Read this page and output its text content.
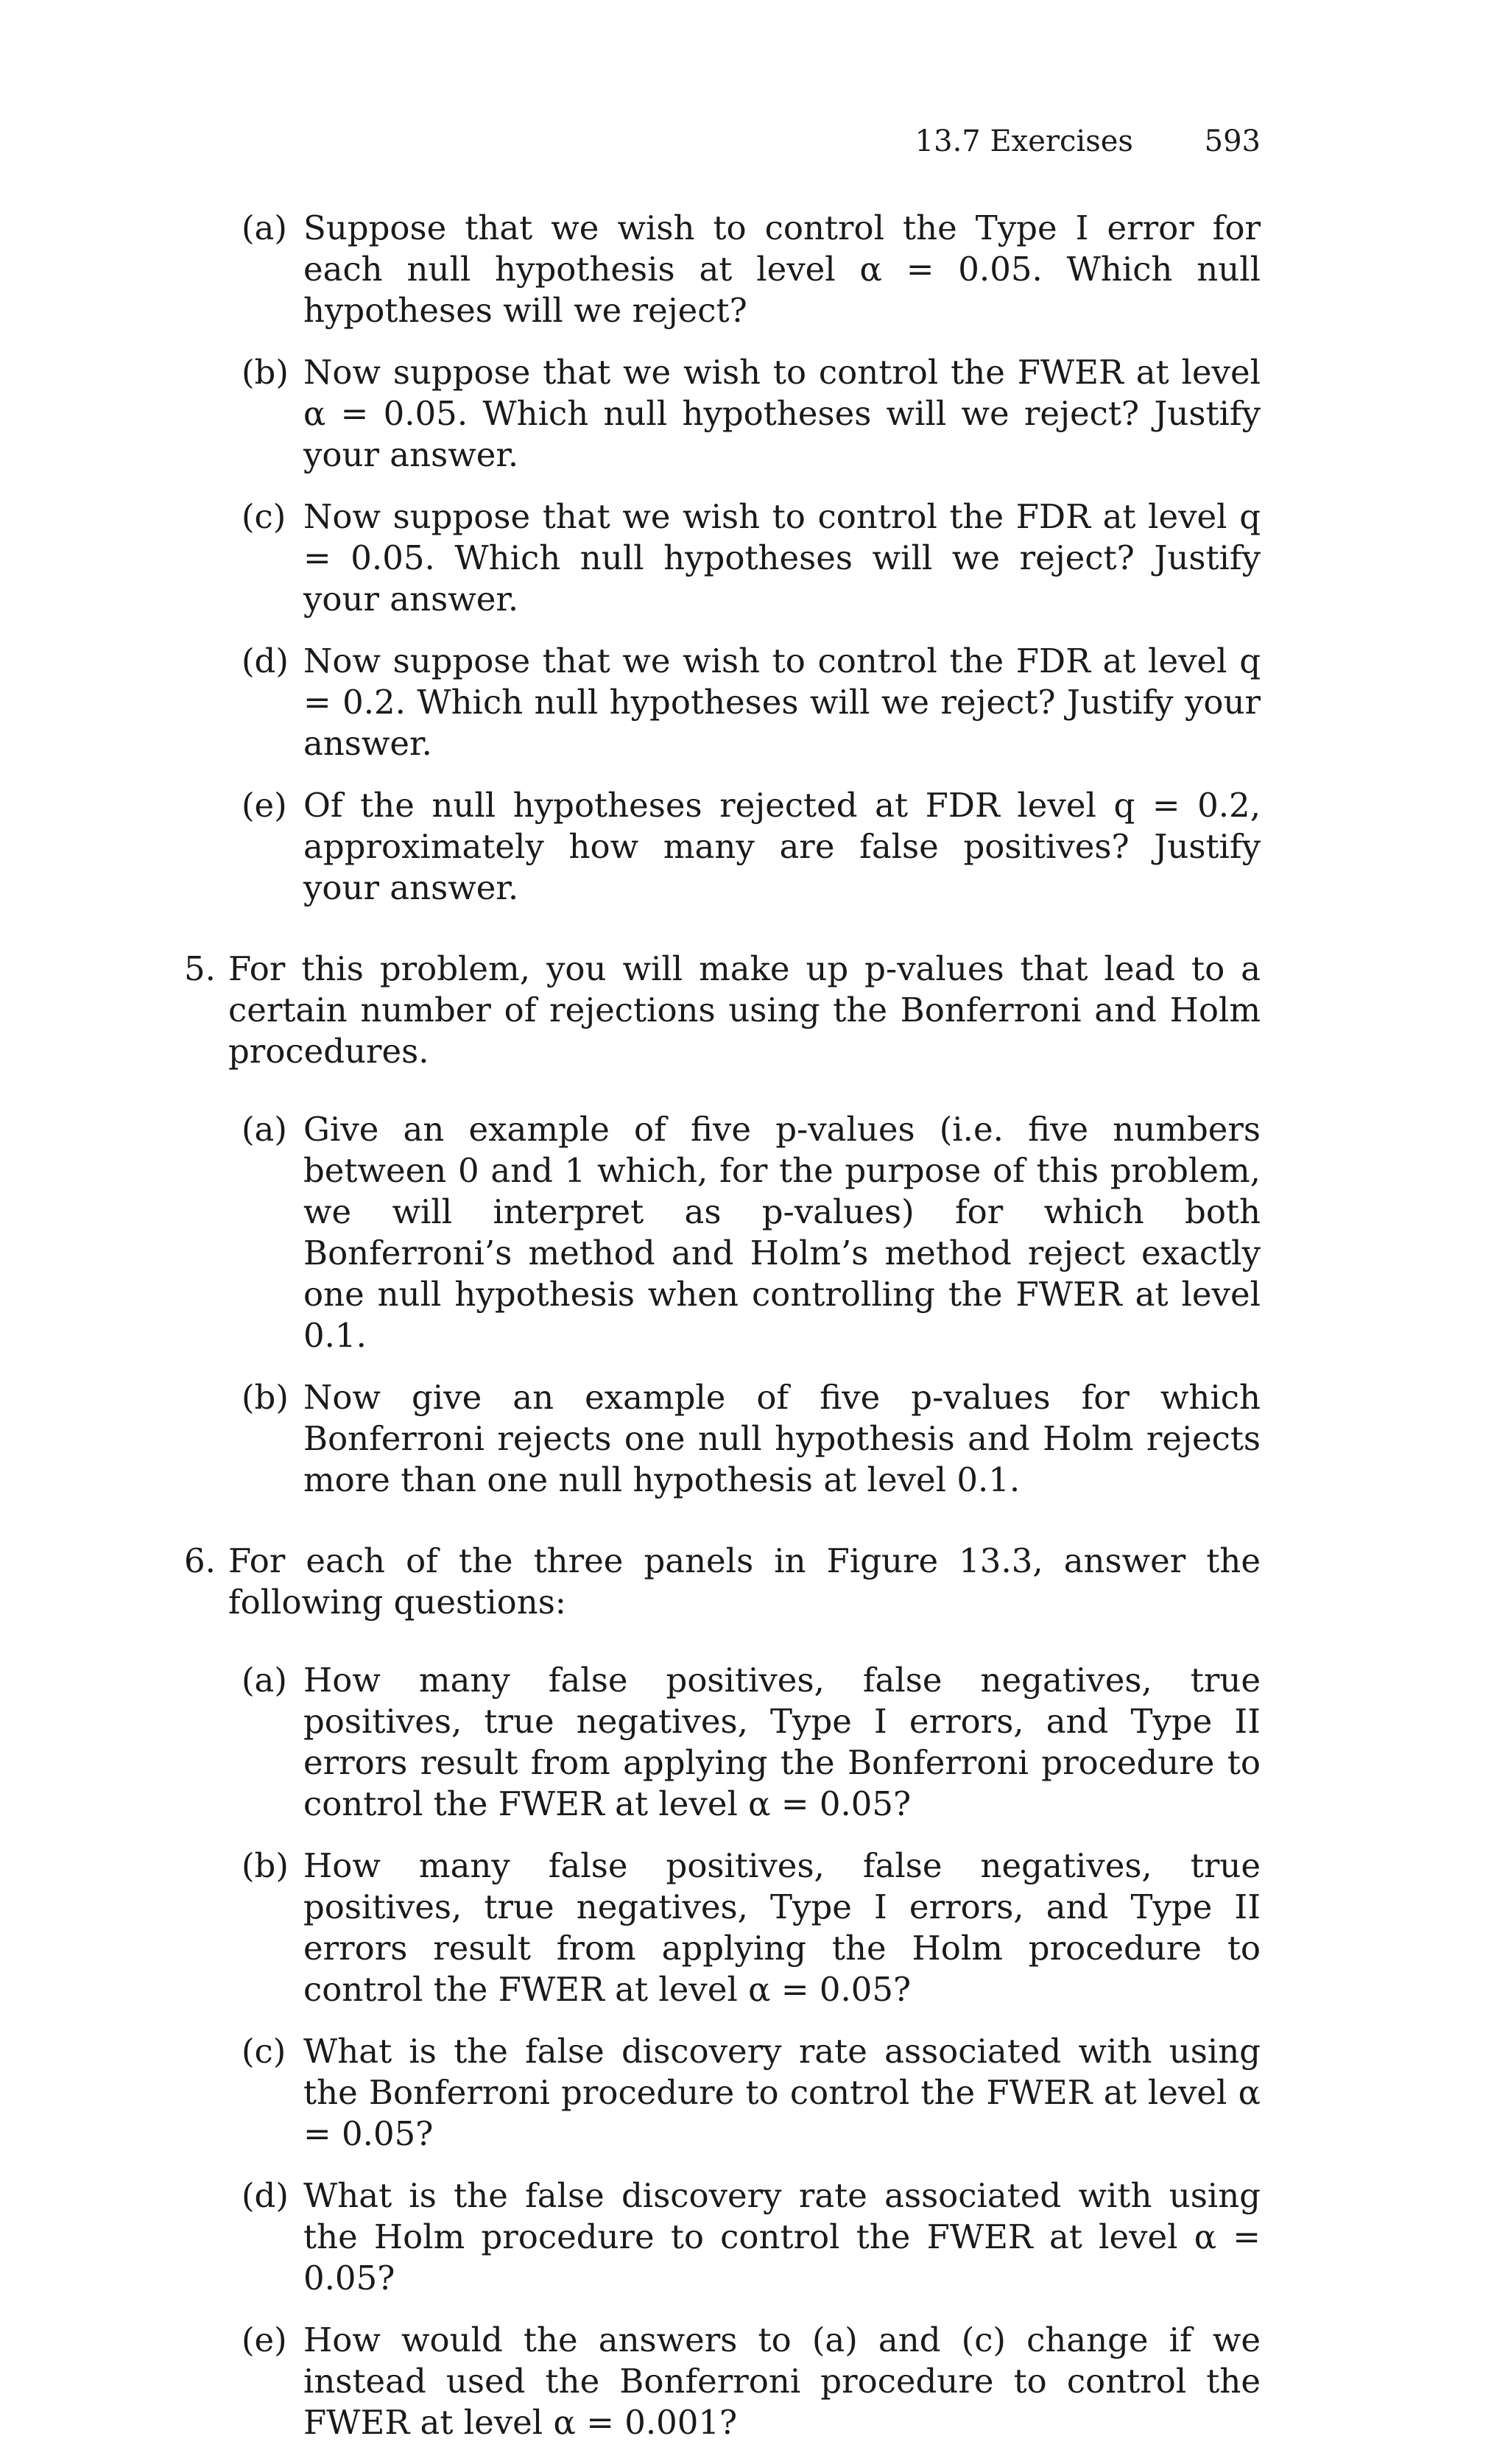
13.7 Exercises 593
(a) Suppose that we wish to control the Type I error for each null hypothesis at level α = 0.05. Which null hypotheses will we reject?
(b) Now suppose that we wish to control the FWER at level α = 0.05. Which null hypotheses will we reject? Justify your answer.
(c) Now suppose that we wish to control the FDR at level q = 0.05. Which null hypotheses will we reject? Justify your answer.
(d) Now suppose that we wish to control the FDR at level q = 0.2. Which null hypotheses will we reject? Justify your answer.
(e) Of the null hypotheses rejected at FDR level q = 0.2, approximately how many are false positives? Justify your answer.
5. For this problem, you will make up p-values that lead to a certain number of rejections using the Bonferroni and Holm procedures.
(a) Give an example of five p-values (i.e. five numbers between 0 and 1 which, for the purpose of this problem, we will interpret as p-values) for which both Bonferroni’s method and Holm’s method reject exactly one null hypothesis when controlling the FWER at level 0.1.
(b) Now give an example of five p-values for which Bonferroni rejects one null hypothesis and Holm rejects more than one null hypothesis at level 0.1.
6. For each of the three panels in Figure 13.3, answer the following questions:
(a) How many false positives, false negatives, true positives, true negatives, Type I errors, and Type II errors result from applying the Bonferroni procedure to control the FWER at level α = 0.05?
(b) How many false positives, false negatives, true positives, true negatives, Type I errors, and Type II errors result from applying the Holm procedure to control the FWER at level α = 0.05?
(c) What is the false discovery rate associated with using the Bonferroni procedure to control the FWER at level α = 0.05?
(d) What is the false discovery rate associated with using the Holm procedure to control the FWER at level α = 0.05?
(e) How would the answers to (a) and (c) change if we instead used the Bonferroni procedure to control the FWER at level α = 0.001?
